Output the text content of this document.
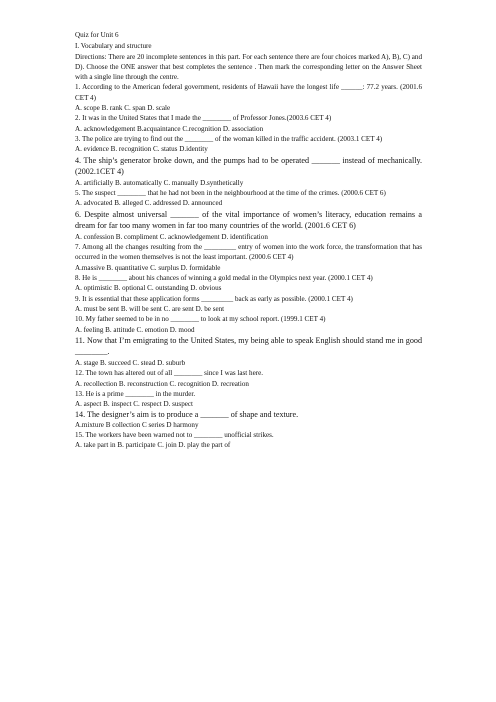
Quiz for Unit 6
I. Vocabulary and structure
Directions: There are 20 incomplete sentences in this part. For each sentence there are four choices marked A), B), C) and D). Choose the ONE answer that best completes the sentence . Then mark the corresponding letter on the Answer Sheet with a single line through the centre.
1. According to the American federal government, residents of Hawaii have the longest life ______: 77.2 years. (2001.6 CET 4)
A. scope B. rank C. span D. scale
2. It was in the United States that I made the ________ of Professor Jones.(2003.6 CET 4)
A. acknowledgement B.acquaintance C.recognition D. association
3. The police are trying to find out the ________ of the woman killed in the traffic accident. (2003.1 CET 4)
A. evidence B. recognition C. status D.identity
4. The ship’s generator broke down, and the pumps had to be operated _______ instead of mechanically. (2002.1CET 4)
A. artificially B. automatically C. manually D.synthetically
5. The suspect ________ that he had not been in the neighbourhood at the time of the crimes. (2000.6 CET 6)
A. advocated B. alleged C. addressed D. announced
6. Despite almost universal _______ of the vital importance of women’s literacy, education remains a dream for far too many women in far too many countries of the world. (2001.6 CET 6)
A. confession B. compliment C. acknowledgement D. identification
7. Among all the changes resulting from the _________ entry of women into the work force, the transformation that has occurred in the women themselves is not the least important. (2000.6 CET 4)
A.massive B. quantitative C. surplus D. formidable
8. He is ________ about his chances of winning a gold medal in the Olympics next year. (2000.1 CET 4)
A. optimistic B. optional C. outstanding D. obvious
9. It is essential that these application forms _________ back as early as possible. (2000.1 CET 4)
A. must be sent B. will be sent C. are sent D. be sent
10. My father seemed to be in no ________ to look at my school report. (1999.1 CET 4)
A. feeling B. attitude C. emotion D. mood
11. Now that I’m emigrating to the United States, my being able to speak English should stand me in good ________.
A. stage B. succeed C. stead D. suburb
12. The town has altered out of all ________ since I was last here.
A. recollection B. reconstruction C. recognition D. recreation
13. He is a prime ________ in the murder.
A. aspect B. inspect C. respect D. suspect
14. The designer’s aim is to produce a _______ of shape and texture.
A.mixture B collection C series D harmony
15. The workers have been warned not to ________ unofficial strikes.
A. take part in B. participate C. join D. play the part of
